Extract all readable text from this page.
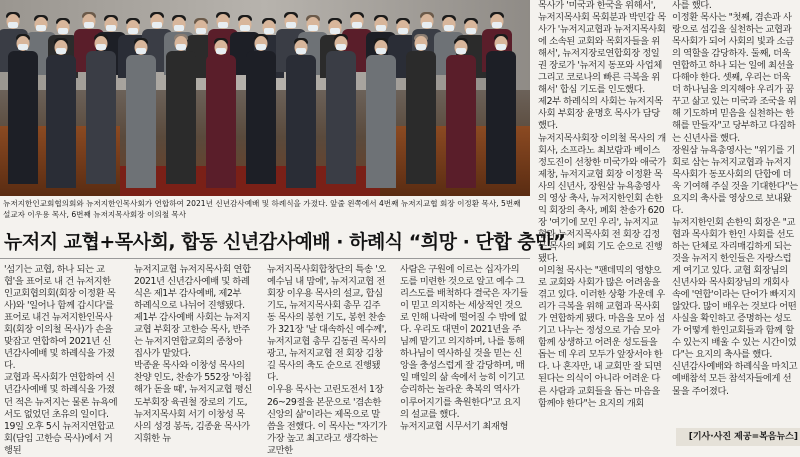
뉴저지한인교회협의회와 뉴저지한인목사회가 연합하여 2021년 신년감사예배 및 하례식을 가졌다. 앞줄 왼쪽에서 4번째 뉴저지교협 회장 이정환 목사, 5번째 설교자 이우용 목사, 6번째 뉴저지목사회장 이의철 목사
뉴저지 교협+목사회, 합동 신년감사예배 · 하례식 “희망 · 단합 충만”
'섬기는 교협, 하나 되는 교협'을 표어로 내 건 뉴저지한인교회협의회(회장 이정환 목사)와 '일어나 함께 갑시다'를 표어로 내건 뉴저지한인목사회(회장 이의철 목사)가 손을 맞잡고 연합하여 2021년 신년감사예배 및 하례식을 가졌다.
교협과 목사회가 연합하여 신년감사예배 및 하례식을 가졌던 적은 뉴저지는 물론 뉴욕에서도 없었던 초유의 일이다.
19일 오후 5시 뉴저지연합교회(담임 고한승 목사)에서 거행된
뉴저지교협 뉴저지목사회 연합 2021년 신년감사예배 및 하례식은 제1부 감사예배, 제2부 하례식으로 나뉘어 진행됐다.
제1부 감사예배 사회는 뉴저지교협 부회장 고한승 목사, 반주는 뉴저지연합교회의 종창아 집사가 맡았다.
박종윤 목사와 이창성 목사의 찬양 인도, 찬송가 552장 '아침 해가 돋을 때', 뉴저지교협 평신도부회장 육권철 장로의 기도, 뉴저지목사회 서기 이창성 목사의 성경 봉독, 김종윤 목사가 지휘한 뉴
뉴저지목사회합창단의 특송 '오 예수님 내 맘에', 뉴저지교협 전 회장 이우용 목사의 설교, 합심기도, 뉴저지목사회 총무 김주동 목사의 봉헌 기도, 봉헌 찬송가 321장 '날 대속하신 예수께', 뉴저지교협 총무 김동권 목사의 광고, 뉴저지교협 전 회장 김창길 목사의 축도 순으로 진행됐다.
이우용 목사는 고린도전서 1장 26~29절을 본문으로 '겸손한 신앙의 삶'이라는 제목으로 말씀을 전했다. 이 목사는 "자기가 가장 높고 최고라고 생각하는 교만한
사람은 구원에 이르는 십자가의 도를 미련한 것으로 알고 예수 그리스도를 배척하다 결국은 자기들이 믿고 의지하는 세상적인 것으로 인해 나락에 떨어질 수 밖에 없다. 우리도 대면이 2021년을 주님께 맡기고 의지하며, 나를 통해 하나님이 역사하실 것을 믿는 신앙을 충성스럽게 잘 감당하며, 매일 매일의 삶 속에서 능히 이기고 승리하는 놀라운 축복의 역사가 이루어지기를 축원한다"고 요지의 설교를 했다.
뉴저지교협 시무서기 최재형
목사가 '미국과 한국을 위해서', 뉴저지목사회 목회분과 박민갑 목사가 '뉴저지교협과 뉴저지목사회에 소속된 교회와 목회자들을 위해서', 뉴저지장로연합회장 정일권 장로가 '뉴저지 동포와 사업체 그리고 코로나의 빠른 극복을 위해서' 합심 기도를 인도했다.
제2부 하례식의 사회는 뉴저지목사회 부회장 윤명호 목사가 담당했다.
뉴저지목사회장 이의철 목사의 개회사, 소프라노 최보람과 베이스 정도진이 선창한 미국가와 애국가 제창, 뉴저지교협 회장 이정환 목사의 신년사, 장원삼 뉴욕총영사의 영상 축사, 뉴저지한인회 손한익 회장의 축사, 폐회 찬송가 620장 '여기에 모인 우리', 뉴저지교협과 뉴저지목사회 전 회장 김정문 목사의 폐회 기도 순으로 진행됐다.
이의철 목사는 "팬데믹의 영향으로 교회와 사회가 많은 어려움을 겪고 있다. 이러한 상황 가운데 우리가 극복을 위해 교협과 목사회가 연합하게 됐다. 마음을 모아 섬기고 나누는 정성으로 가슴 모아 함께 상생하고 어려운 성도들을 돕는 데 우리 모두가 앞장서야 한다. 나 혼자만, 내 교회만 잘 되면 된다는 의식이 아니라 어려운 다른 사람과 교회들을 돕는 마음을 함께야 한다"는 요지의 개회
사를 했다.
이정환 목사는 "첫째, 겸손과 사랑으로 섬김을 실천하는 교협과 목사회가 되어 사회의 빛과 소금의 역할을 감당하자. 둘째, 더욱 연합하고 하나 되는 일에 최선을 다해야 한다. 셋째, 우리는 더욱 더 하나님을 의지해야 우리가 꿈꾸고 삶고 있는 미국과 조국을 위해 기도하며 믿음을 실천하는 한 해를 만들자"고 당부하고 다짐하는 신년사를 했다.
장원삼 뉴욕총영사는 "위기를 기회로 삼는 뉴저지교협과 뉴저지목사회가 동포사회의 단합에 더욱 기여해 주실 것을 기대한다"는 요지의 축사를 영상으로 보내왔다.
뉴저지한인회 손한익 회장은 "교협과 목사회가 한인 사회를 선도하는 단체로 자리매김하게 되는 것을 뉴저지 한인들은 자랑스럽게 여기고 있다. 교협 회장님의 신년사와 목사회장님의 개회사 속에 '연합'이라는 단어가 빠지지 않았다. 많이 배우는 것보다 어떤 사실을 확인하고 증명하는 성도가 어떻게 한인교회들과 함께 할 수 있는지 배울 수 있는 시간이었다"는 요지의 축사를 했다.
신년감사예배와 하례식을 마치고 예배참석 모든 참석자들에게 선물을 주어졌다.
[기사·사진 제공=복음뉴스]
